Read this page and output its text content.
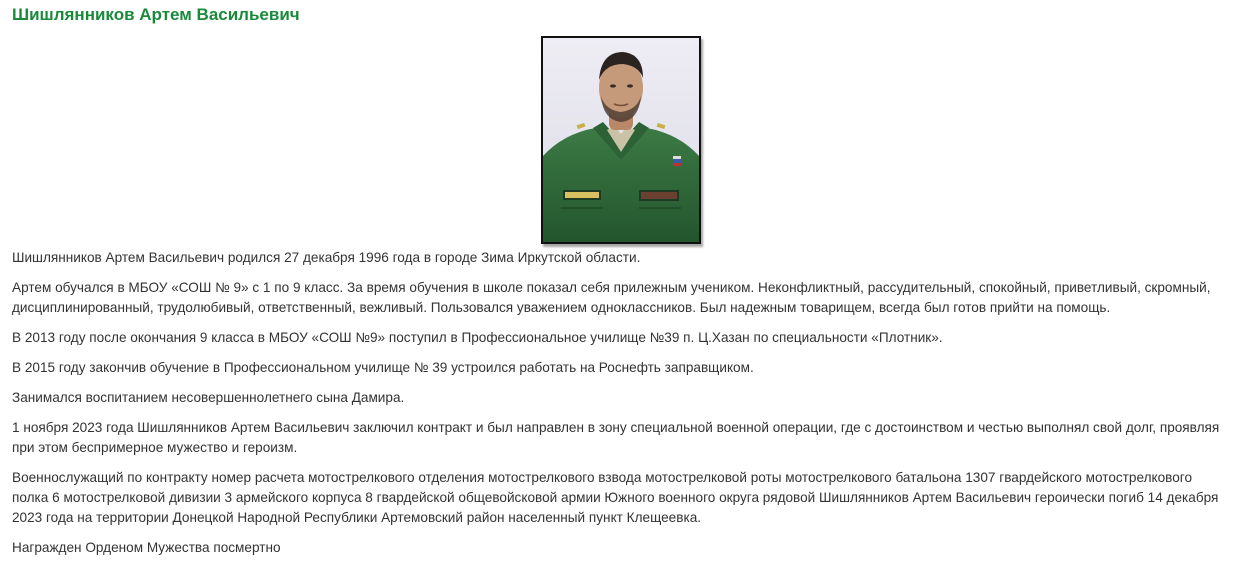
Шишлянников Артем Васильевич

Шишлянников Артем Васильевич родился 27 декабря 1996 года в городе Зима Иркутской области.

Артем обучался в МБОУ «СОШ № 9» с 1 по 9 класс. За время обучения в школе показал себя прилежным учеником. Неконфликтный, рассудительный, спокойный, приветливый, скромный, дисциплинированный, трудолюбивый, ответственный, вежливый. Пользовался уважением одноклассников. Был надежным товарищем, всегда был готов прийти на помощь.

В 2013 году после окончания 9 класса в МБОУ «СОШ №9» поступил в Профессиональное училище №39 п. Ц.Хазан по специальности «Плотник».

В 2015 году закончив обучение в Профессиональном училище № 39 устроился работать на Роснефть заправщиком.

Занимался воспитанием несовершеннолетнего сына Дамира.

1 ноября 2023 года Шишлянников Артем Васильевич заключил контракт и был направлен в зону специальной военной операции, где с достоинством и честью выполнял свой долг, проявляя при этом беспримерное мужество и героизм.

Военнослужащий по контракту номер расчета мотострелкового отделения мотострелкового взвода мотострелковой роты мотострелкового батальона 1307 гвардейского мотострелкового полка 6 мотострелковой дивизии 3 армейского корпуса 8 гвардейской общевойсковой армии Южного военного округа рядовой Шишлянников Артем Васильевич героически погиб 14 декабря 2023 года на территории Донецкой Народной Республики Артемовский район населенный пункт Клещеевка.

Награжден Орденом Мужества посмертно
